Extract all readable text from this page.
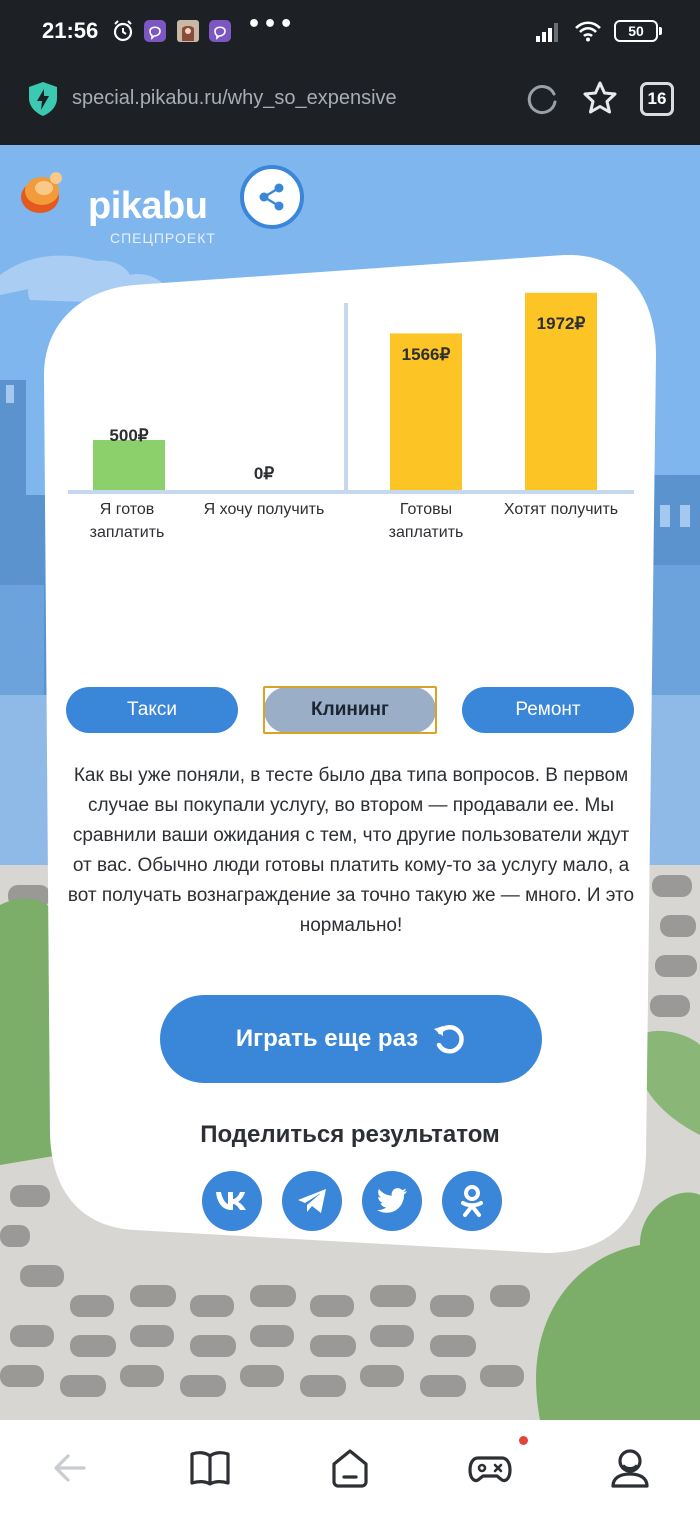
21:56	•••	50
special.pikabu.ru/why_so_expensive	16
pikabu
СПЕЦПРОЕКТ
500₽
0₽
1566₽
1972₽
Я готов
заплатить
Я хочу получить	Готовы
заплатить
Хотят получить
Такси	Клининг	Ремонт
Как вы уже поняли, в тесте было два типа вопросов. В первом случае вы покупали услугу, во втором — продавали ее. Мы сравнили ваши ожидания с тем, что другие пользователи ждут от вас. Обычно люди готовы платить кому-то за услугу мало, а вот получать вознаграждение за точно такую же — много. И это нормально!
Играть еще раз
Поделиться результатом
